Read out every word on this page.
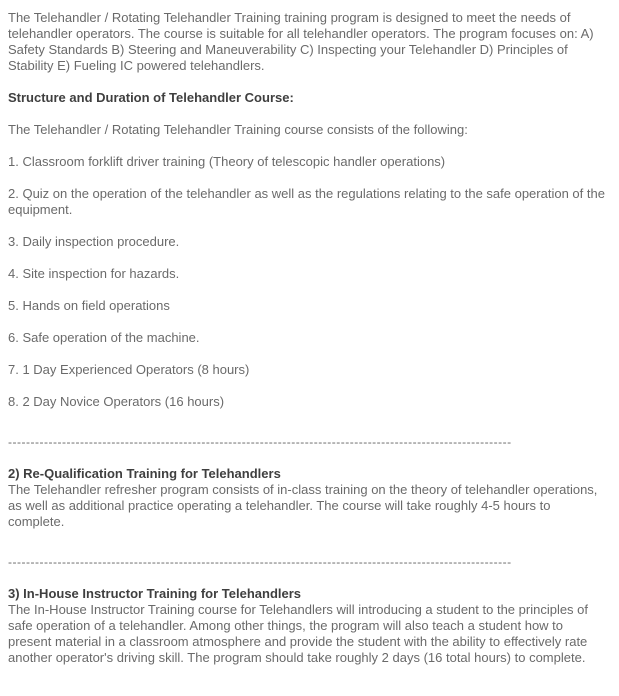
The Telehandler / Rotating Telehandler Training training program is designed to meet the needs of telehandler operators. The course is suitable for all telehandler operators. The program focuses on: A) Safety Standards B) Steering and Maneuverability C) Inspecting your Telehandler D) Principles of Stability E) Fueling IC powered telehandlers.

Structure and Duration of Telehandler Course:

The Telehandler / Rotating Telehandler Training course consists of the following:

1. Classroom forklift driver training (Theory of telescopic handler operations)

2. Quiz on the operation of the telehandler as well as the regulations relating to the safe operation of the equipment.

3. Daily inspection procedure.

4. Site inspection for hazards.

5. Hands on field operations

6. Safe operation of the machine.

7. 1 Day Experienced Operators (8 hours)

8. 2 Day Novice Operators (16 hours)

----------------------------------------------------------------------------------------------------------------

2) Re-Qualification Training for Telehandlers

The Telehandler refresher program consists of in-class training on the theory of telehandler operations, as well as additional practice operating a telehandler. The course will take roughly 4-5 hours to complete.

----------------------------------------------------------------------------------------------------------------

3) In-House Instructor Training for Telehandlers

The In-House Instructor Training course for Telehandlers will introducing a student to the principles of safe operation of a telehandler. Among other things, the program will also teach a student how to present material in a classroom atmosphere and provide the student with the ability to effectively rate another operator's driving skill. The program should take roughly 2 days (16 total hours) to complete.
